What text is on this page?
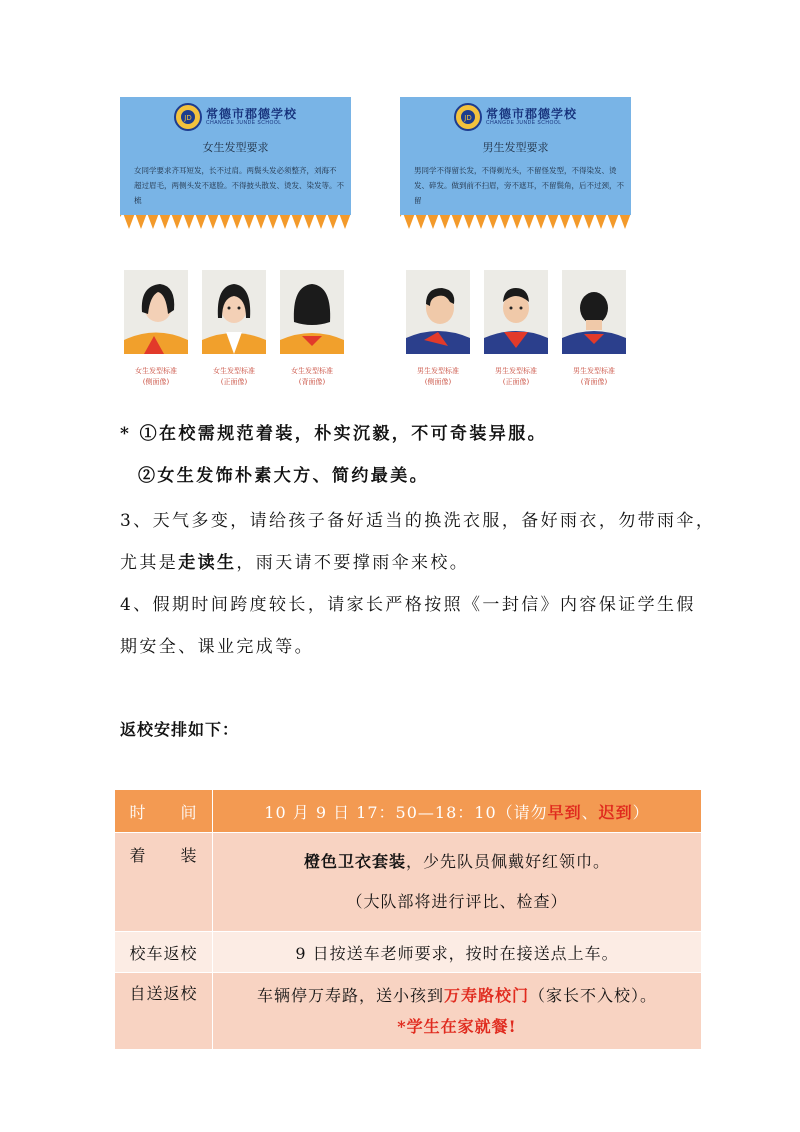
JD 常德市郡德学校
CHANGDE JUNDE SCHOOL
女生发型要求
女同学要求齐耳短发，长不过肩。两鬓头发必须整齐，刘海不
超过眉毛，两侧头发不遮脸。不得披头散发、烫发、染发等。不梳
JD 常德市郡德学校
CHANGDE JUNDE SCHOOL
男生发型要求
男同学不得留长发，不得剃光头，不留怪发型，不得染发、烫
发、碎发。做到前不扫眉，旁不遮耳，不留鬓角，后不过颈，不留
女生发型标准
(侧面像)
女生发型标准
(正面像)
女生发型标准
(背面像)
男生发型标准
(侧面像)
男生发型标准
(正面像)
男生发型标准
(背面像)
* ①在校需规范着装，朴实沉毅，不可奇装异服。
②女生发饰朴素大方、简约最美。
3、天气多变，请给孩子备好适当的换洗衣服，备好雨衣，勿带雨伞，
尤其是走读生，雨天请不要撑雨伞来校。
4、假期时间跨度较长，请家长严格按照《一封信》内容保证学生假
期安全、课业完成等。
返校安排如下：
时　　间	10 月 9 日 17：50—18：10（请勿早到、迟到）
着　　装	橙色卫衣套装，少先队员佩戴好红领巾。
（大队部将进行评比、检查）

校车返校	9 日按送车老师要求，按时在接送点上车。
自送返校	车辆停万寿路，送小孩到万寿路校门（家长不入校）。
*学生在家就餐!
